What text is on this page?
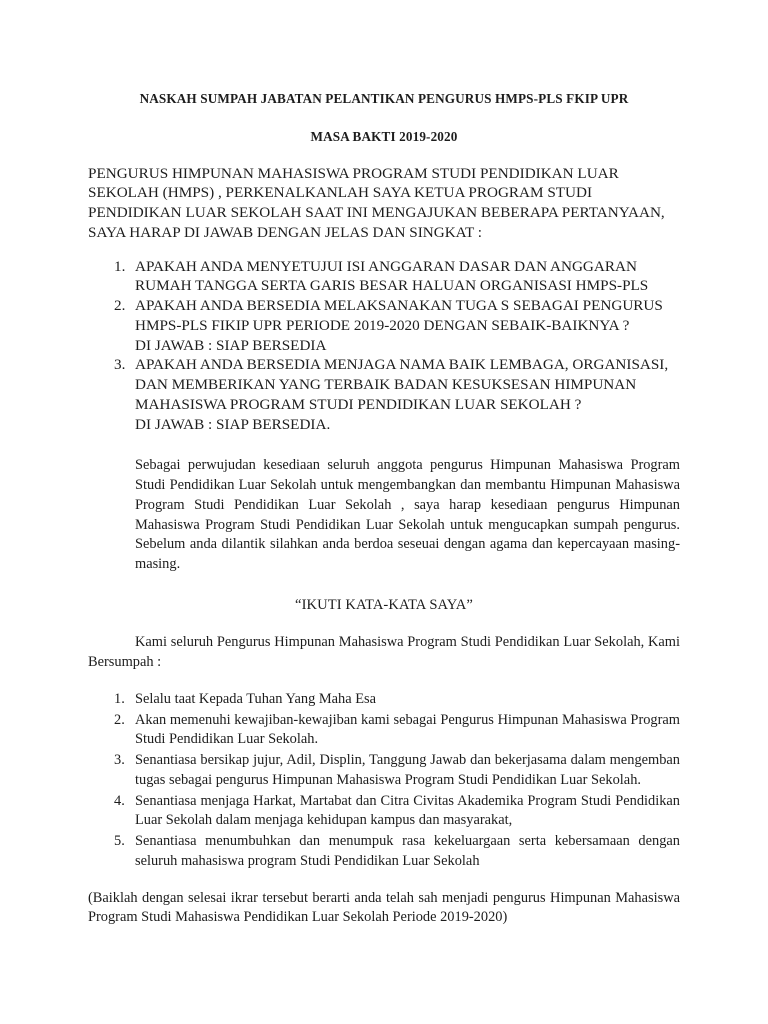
NASKAH SUMPAH JABATAN PELANTIKAN PENGURUS HMPS-PLS FKIP UPR
MASA BAKTI 2019-2020

PENGURUS HIMPUNAN MAHASISWA PROGRAM STUDI PENDIDIKAN LUAR SEKOLAH (HMPS) , PERKENALKANLAH SAYA KETUA PROGRAM STUDI PENDIDIKAN LUAR SEKOLAH SAAT INI MENGAJUKAN BEBERAPA PERTANYAAN, SAYA HARAP DI JAWAB DENGAN JELAS DAN SINGKAT :

APAKAH ANDA MENYETUJUI ISI ANGGARAN DASAR DAN ANGGARAN RUMAH TANGGA SERTA GARIS BESAR HALUAN ORGANISASI HMPS-PLS
APAKAH ANDA BERSEDIA MELAKSANAKAN TUGA S SEBAGAI PENGURUS HMPS-PLS FIKIP UPR PERIODE 2019-2020 DENGAN SEBAIK-BAIKNYA ?
DI JAWAB : SIAP BERSEDIA
APAKAH ANDA BERSEDIA MENJAGA NAMA BAIK LEMBAGA, ORGANISASI, DAN MEMBERIKAN YANG TERBAIK BADAN KESUKSESAN HIMPUNAN MAHASISWA PROGRAM STUDI PENDIDIKAN LUAR SEKOLAH ?
DI JAWAB : SIAP BERSEDIA.

Sebagai perwujudan kesediaan seluruh anggota pengurus Himpunan Mahasiswa Program Studi Pendidikan Luar Sekolah untuk mengembangkan dan membantu Himpunan Mahasiswa Program Studi Pendidikan Luar Sekolah , saya harap kesediaan pengurus Himpunan Mahasiswa Program Studi Pendidikan Luar Sekolah untuk mengucapkan sumpah pengurus. Sebelum anda dilantik silahkan anda berdoa seseuai dengan agama dan kepercayaan masing-masing.

“IKUTI KATA-KATA SAYA”

Kami seluruh Pengurus Himpunan Mahasiswa Program Studi Pendidikan Luar Sekolah, Kami Bersumpah :

Selalu taat Kepada Tuhan Yang Maha Esa
Akan memenuhi kewajiban-kewajiban kami sebagai Pengurus Himpunan Mahasiswa Program Studi Pendidikan Luar Sekolah.
Senantiasa bersikap jujur, Adil, Displin, Tanggung Jawab dan bekerjasama dalam mengemban tugas sebagai pengurus Himpunan Mahasiswa Program Studi Pendidikan Luar Sekolah.
Senantiasa menjaga Harkat, Martabat dan Citra Civitas Akademika Program Studi Pendidikan Luar Sekolah dalam menjaga kehidupan kampus dan masyarakat,
Senantiasa menumbuhkan dan menumpuk rasa kekeluargaan serta kebersamaan dengan seluruh mahasiswa program Studi Pendidikan Luar Sekolah

(Baiklah dengan selesai ikrar tersebut berarti anda telah sah menjadi pengurus Himpunan Mahasiswa Program Studi Mahasiswa Pendidikan Luar Sekolah Periode 2019-2020)
